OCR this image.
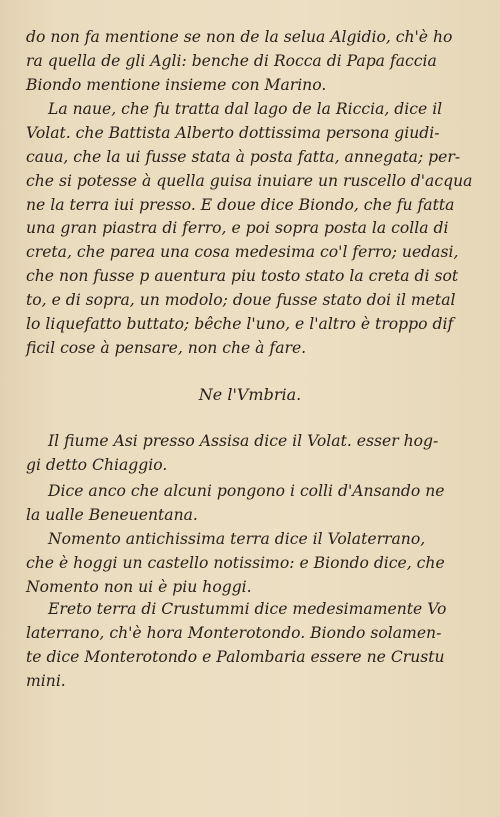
do non fa mentione se non de la selua Algidio, ch'è ho
ra quella de gli Agli: benche di Rocca di Papa faccia
Biondo mentione insieme con Marino.
La naue, che fu tratta dal lago de la Riccia, dice il
Volat. che Battista Alberto dottissima persona giudi-
caua, che la ui fusse stata à posta fatta, annegata; per-
che si potesse à quella guisa inuiare un ruscello d'acqua
ne la terra iui presso. E doue dice Biondo, che fu fatta
una gran piastra di ferro, e poi sopra posta la colla di
creta, che parea una cosa medesima co'l ferro; uedasi,
che non fusse p auentura piu tosto stato la creta di sot
to, e di sopra, un modolo; doue fusse stato doi il metal
lo liquefatto buttato; bêche l'uno, e l'altro è troppo dif
ficil cose à pensare, non che à fare.
Ne l'Vmbria.
Il fiume Asi presso Assisa dice il Volat. esser hog-
gi detto Chiaggio.
Dice anco che alcuni pongono i colli d'Ansando ne
la ualle Beneuentana.
Nomento antichissima terra dice il Volaterrano,
che è hoggi un castello notissimo: e Biondo dice, che
Nomento non ui è piu hoggi.
Ereto terra di Crustummi dice medesimamente Vo
laterrano, ch'è hora Monterotondo. Biondo solamen-
te dice Monterotondo e Palombaria essere ne Crustu
mini.
